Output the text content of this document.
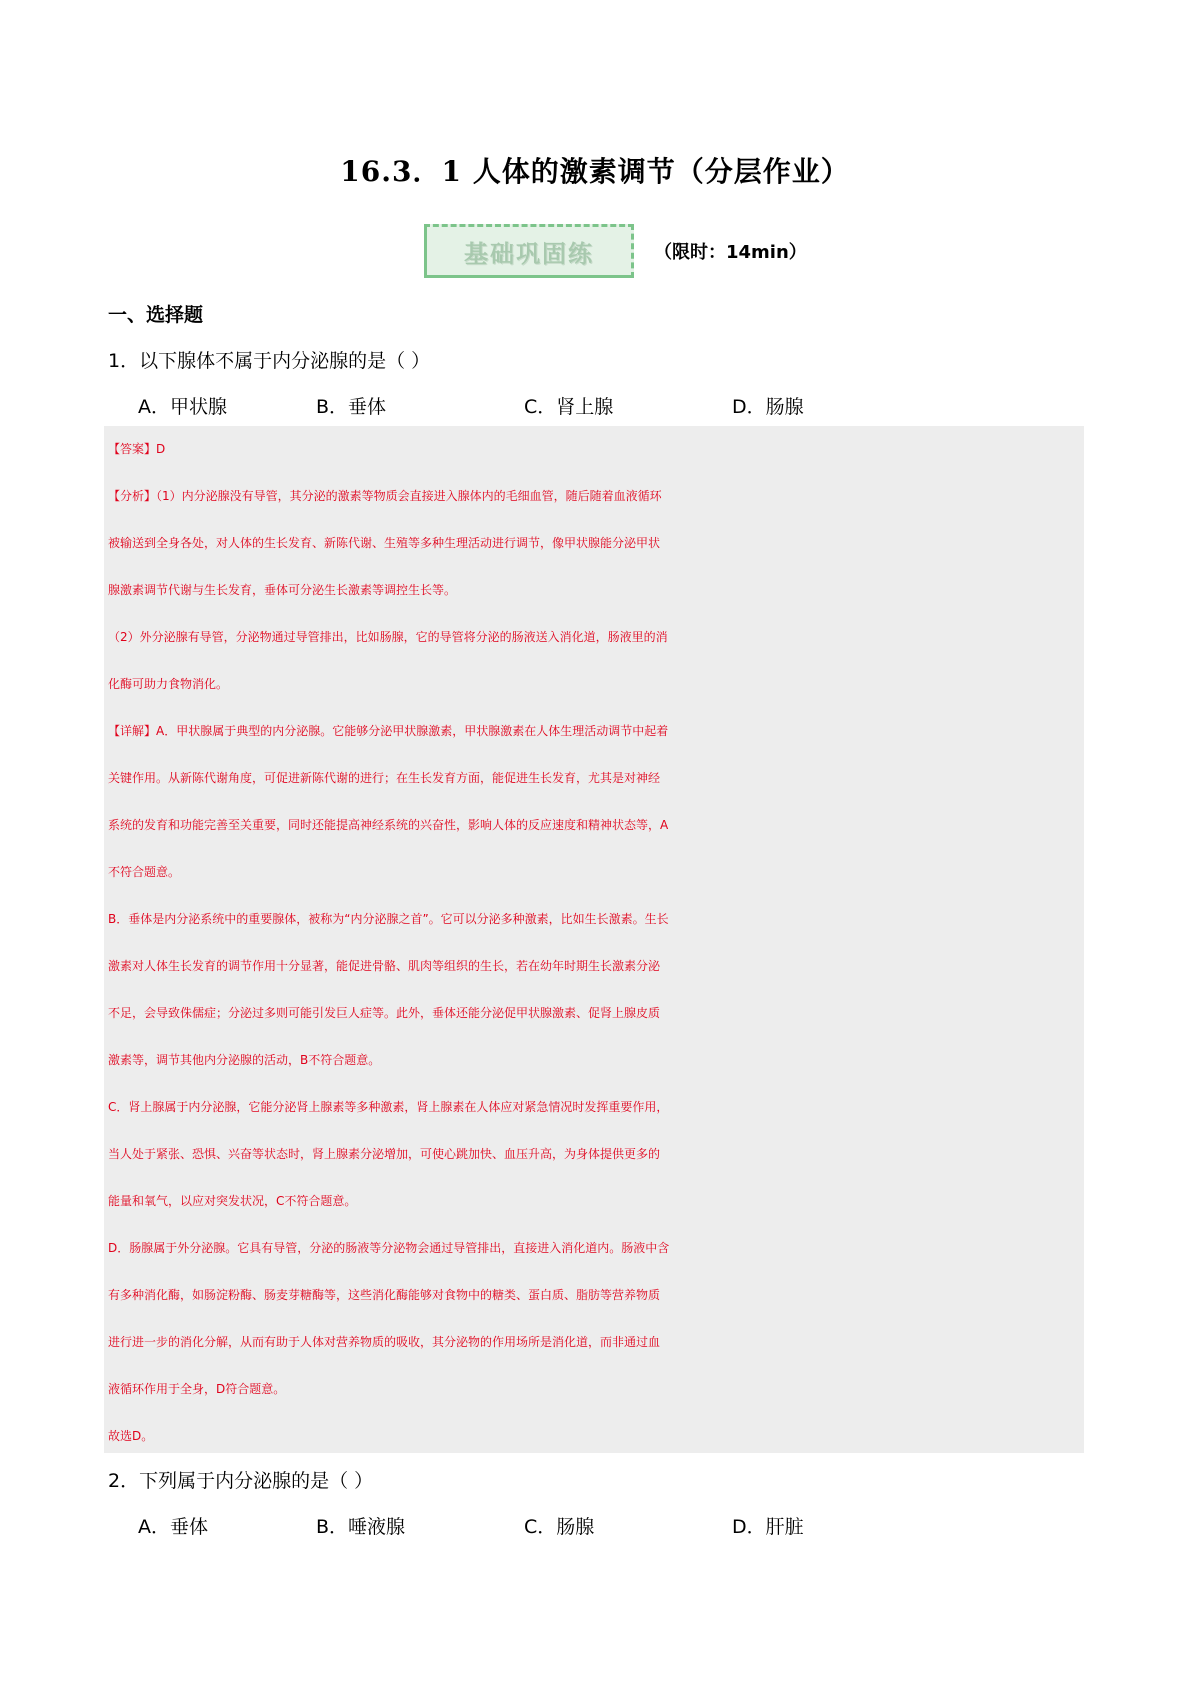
16.3．1 人体的激素调节（分层作业）
基础巩固练	（限时：14min）
一、选择题
1．以下腺体不属于内分泌腺的是（ ）
A．甲状腺	B．垂体	C．肾上腺	D．肠腺

【答案】D

【分析】（1）内分泌腺没有导管，其分泌的激素等物质会直接进入腺体内的毛细血管，随后随着血液循环

被输送到全身各处，对人体的生长发育、新陈代谢、生殖等多种生理活动进行调节，像甲状腺能分泌甲状

腺激素调节代谢与生长发育，垂体可分泌生长激素等调控生长等。

（2）外分泌腺有导管，分泌物通过导管排出，比如肠腺，它的导管将分泌的肠液送入消化道，肠液里的消

化酶可助力食物消化。

【详解】A．甲状腺属于典型的内分泌腺。它能够分泌甲状腺激素，甲状腺激素在人体生理活动调节中起着

关键作用。从新陈代谢角度，可促进新陈代谢的进行；在生长发育方面，能促进生长发育，尤其是对神经

系统的发育和功能完善至关重要，同时还能提高神经系统的兴奋性，影响人体的反应速度和精神状态等，A

不符合题意。

B．垂体是内分泌系统中的重要腺体，被称为“内分泌腺之首”。它可以分泌多种激素，比如生长激素。生长

激素对人体生长发育的调节作用十分显著，能促进骨骼、肌肉等组织的生长，若在幼年时期生长激素分泌

不足，会导致侏儒症；分泌过多则可能引发巨人症等。此外，垂体还能分泌促甲状腺激素、促肾上腺皮质

激素等，调节其他内分泌腺的活动，B不符合题意。

C．肾上腺属于内分泌腺，它能分泌肾上腺素等多种激素，肾上腺素在人体应对紧急情况时发挥重要作用，

当人处于紧张、恐惧、兴奋等状态时，肾上腺素分泌增加，可使心跳加快、血压升高，为身体提供更多的

能量和氧气，以应对突发状况，C不符合题意。

D．肠腺属于外分泌腺。它具有导管，分泌的肠液等分泌物会通过导管排出，直接进入消化道内。肠液中含

有多种消化酶，如肠淀粉酶、肠麦芽糖酶等，这些消化酶能够对食物中的糖类、蛋白质、脂肪等营养物质

进行进一步的消化分解，从而有助于人体对营养物质的吸收，其分泌物的作用场所是消化道，而非通过血

液循环作用于全身，D符合题意。

故选D。

2．下列属于内分泌腺的是（ ）
A．垂体	B．唾液腺	C．肠腺	D．肝脏
